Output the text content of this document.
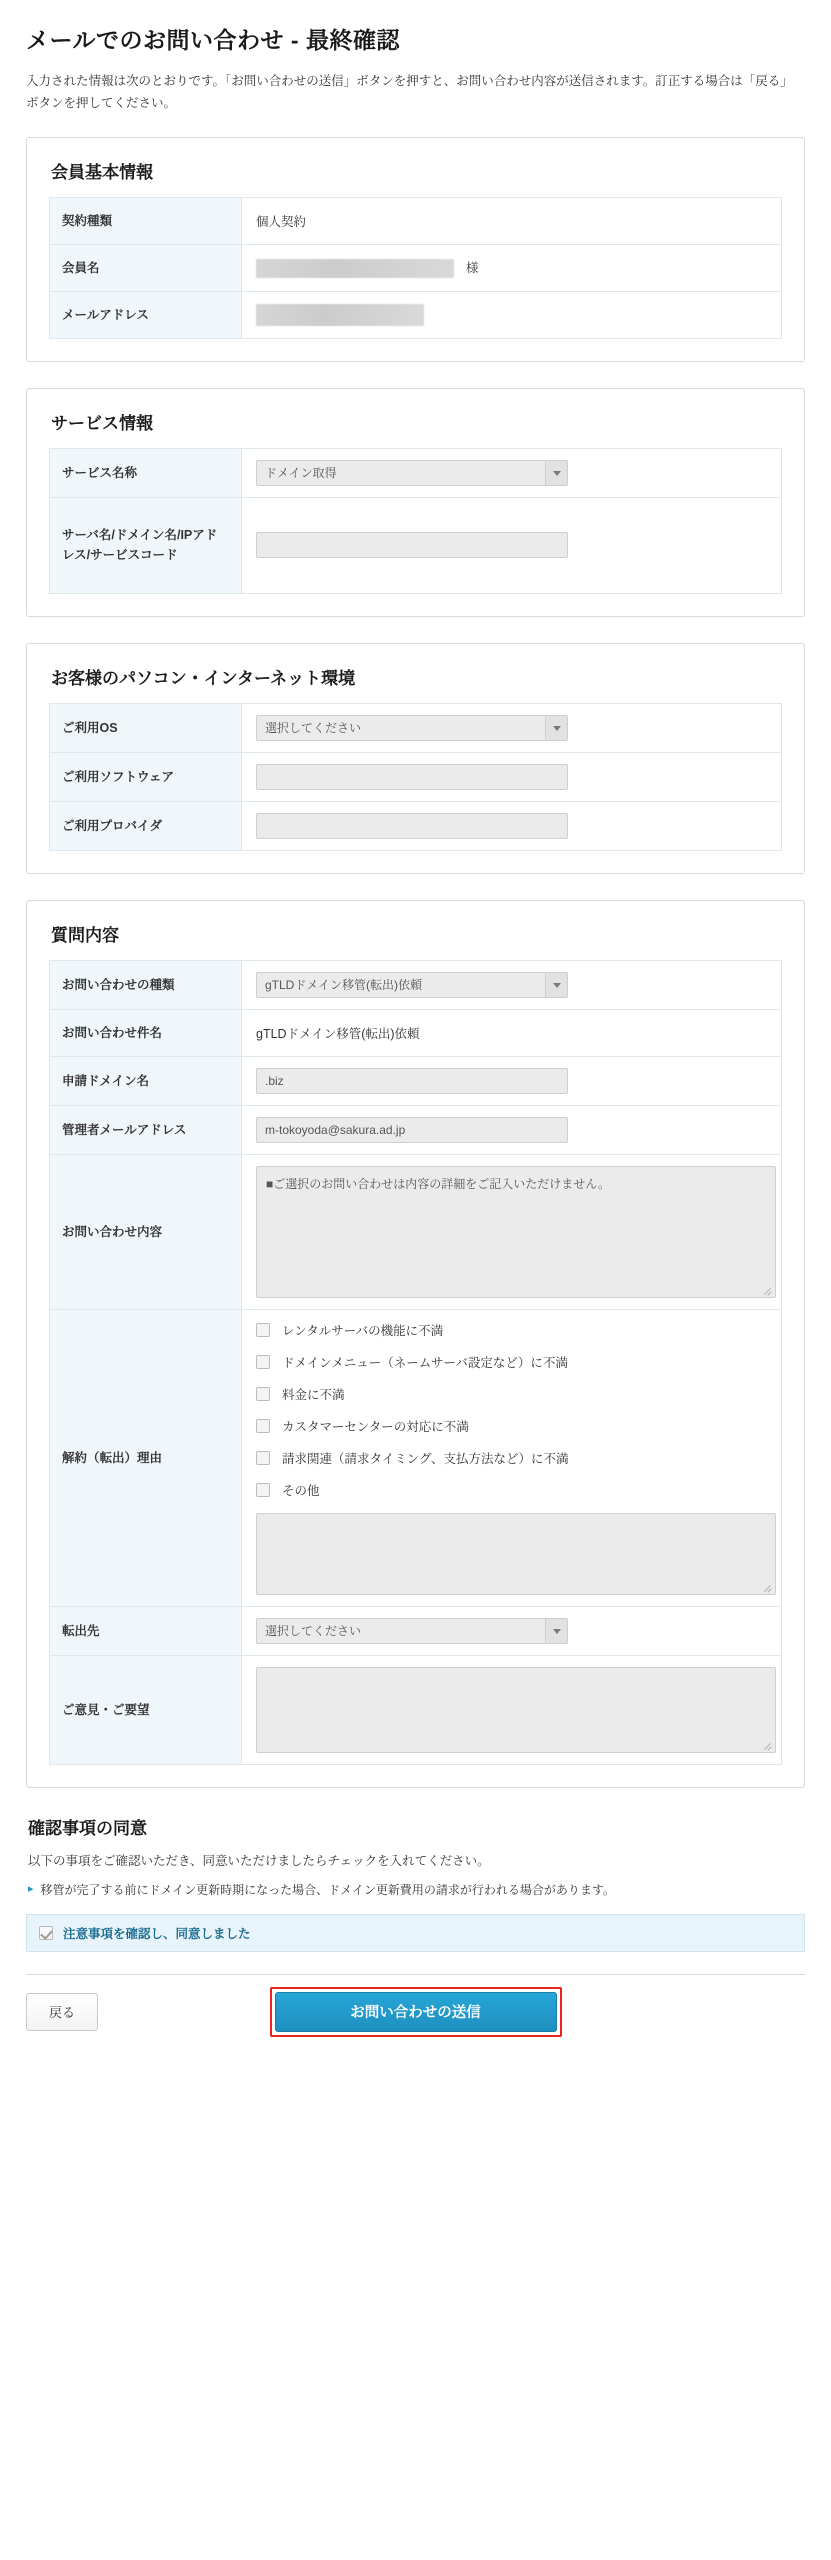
メールでのお問い合わせ - 最終確認

入力された情報は次のとおりです。「お問い合わせの送信」ボタンを押すと、お問い合わせ内容が送信されます。訂正する場合は「戻る」ボタンを押してください。

会員基本情報
契約種類	個人契約
会員名	様
メールアドレス	
サービス情報
サービス名称	ドメイン取得

サーバ名/ドメイン名/IPアドレス/サービスコード	
お客様のパソコン・インターネット環境
ご利用OS	選択してください

ご利用ソフトウェア	
ご利用プロバイダ	
質問内容
お問い合わせの種類	gTLDドメイン移管(転出)依頼

お問い合わせ件名	gTLDドメイン移管(転出)依頼
申請ドメイン名	.biz
管理者メールアドレス	m-tokoyoda@sakura.ad.jp
お問い合わせ内容	■ご選択のお問い合わせは内容の詳細をご記入いただけません。

解約（転出）理由	
レンタルサーバの機能に不満
ドメインメニュー（ネームサーバ設定など）に不満
料金に不満
カスタマーセンターの対応に不満
請求関連（請求タイミング、支払方法など）に不満
その他

転出先	選択してください

ご意見・ご要望	
確認事項の同意
以下の事項をご確認いただき、同意いただけましたらチェックを入れてください。
▸ 移管が完了する前にドメイン更新時期になった場合、ドメイン更新費用の請求が行われる場合があります。
注意事項を確認し、同意しました
戻る	お問い合わせの送信
